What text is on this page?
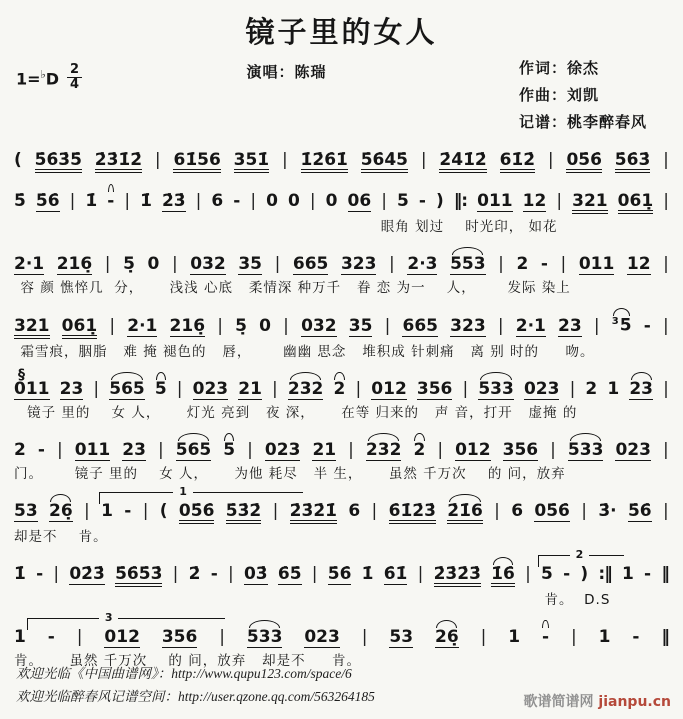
镜子里的女人
$1=^♭D \frac{2}{4}$	演唱：陈瑞	作词：徐杰
作曲：刘凯
记谱：桃李醉春风
( 5̇6̇3̇5̇ 2̇3̇1̇2̇ | 61̇56 351̇ | 1̇2̇6̇1̇ 5̇6̇4̇5̇ | 2̇4̇1̇2̇ 61̇2̇ | 05̇6̇ 5̇6̇3̇ |
5̇ 5̇6̇ | 1̇ - | 1̇ 2̇3̇ | 6 - | 0 0 | 0 06 | 5 - ) ‖: 011 12 | 321 061̣ |
眼角 划过    时光印， 如花
2·1 216̣ | 5̣ 0 | 032 35 | 665 323 | 2·3 553 | 2 - | 011 12 |
容 颜 憔悴几  分，     浅浅 心底   柔情深 种万千   眷 恋 为一    人，      发际 染上
321 061̣ | 2·1 216̣ | 5̣ 0 | 032 35 | 665 323 | 2·1 23 | $^3$5 - |
霜雪痕，胭脂   难 掩 褪色的   唇，      幽幽 思念   堆积成 针刺痛   离 别 时的     吻。
§
011 23 | 565 5 | 023 21 | 232 2 | 012 356 | 533 023 | 2 1 23 |
镜子 里的    女 人，     灯光 亮到   夜 深，     在等 归来的   声 音，打开   虚掩 的
2 - | 011 23 | 565 5 | 023 21 | 232 2 | 012 356 | 533 023 |
门。      镜子 里的    女 人，     为他 耗尽   半 生，     虽然 千万次    的 问，放弃
1
53 26̣ | 1 - | ( 05̇6̇ 5̇3̇2̇ | 2̇3̇2̇1̇ 6 | 6̇1̇2̇3̇ 2̇1̇6 | 6 05̇6̇ | 3̇· 5̇6̇ |
却是不    肯。
2
1̇ - | 02̇3̇ 5̇6̇5̇3̇ | 2̇ - | 03̇ 6̇5̇ | 5̇6̇ 1̇ 6̇1̇ | 2̇3̇2̇3̇ 1̇6̇ | 5 - ) :‖ 1 - ‖
肯。  D.S
3
1 - | 012 356 | 533 023 | 53 26̣ | 1 - | 1 - ‖
肯。     虽然 千万次    的 问，放弃   却是不     肯。
欢迎光临《中国曲谱网》：http://www.qupu123.com/space/6
欢迎光临醉春风记谱空间：http://user.qzone.qq.com/563264185	歌谱简谱网 jianpu.cn
